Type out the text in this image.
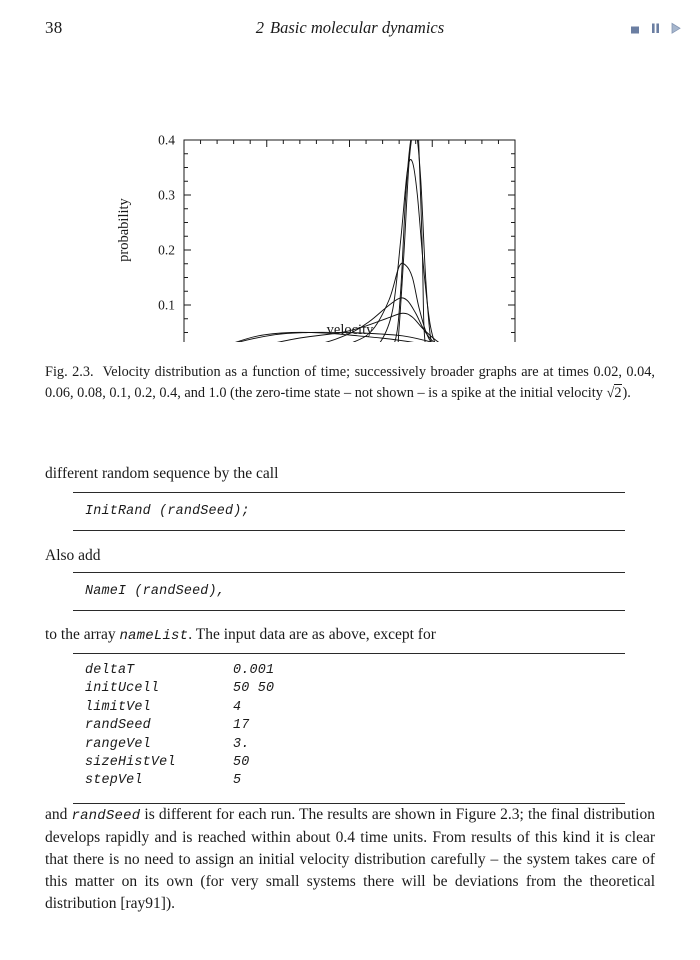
38	2 Basic molecular dynamics
0.1
0.2
0.3
0.4
velocity
probability

Fig. 2.3. Velocity distribution as a function of time; successively broader graphs are at times 0.02, 0.04, 0.06, 0.08, 0.1, 0.2, 0.4, and 1.0 (the zero-time state – not shown – is a spike at the initial velocity √2).

different random sequence by the call

InitRand (randSeed);

Also add

NameI (randSeed),

to the array nameList. The input data are as above, except for

deltaT	0.001
initUcell	50 50
limitVel	4
randSeed	17
rangeVel	3.
sizeHistVel	50
stepVel	5

and randSeed is different for each run. The results are shown in Figure 2.3; the final distribution develops rapidly and is reached within about 0.4 time units. From results of this kind it is clear that there is no need to assign an initial velocity distribution carefully – the system takes care of this matter on its own (for very small systems there will be deviations from the theoretical distribution [ray91]).
